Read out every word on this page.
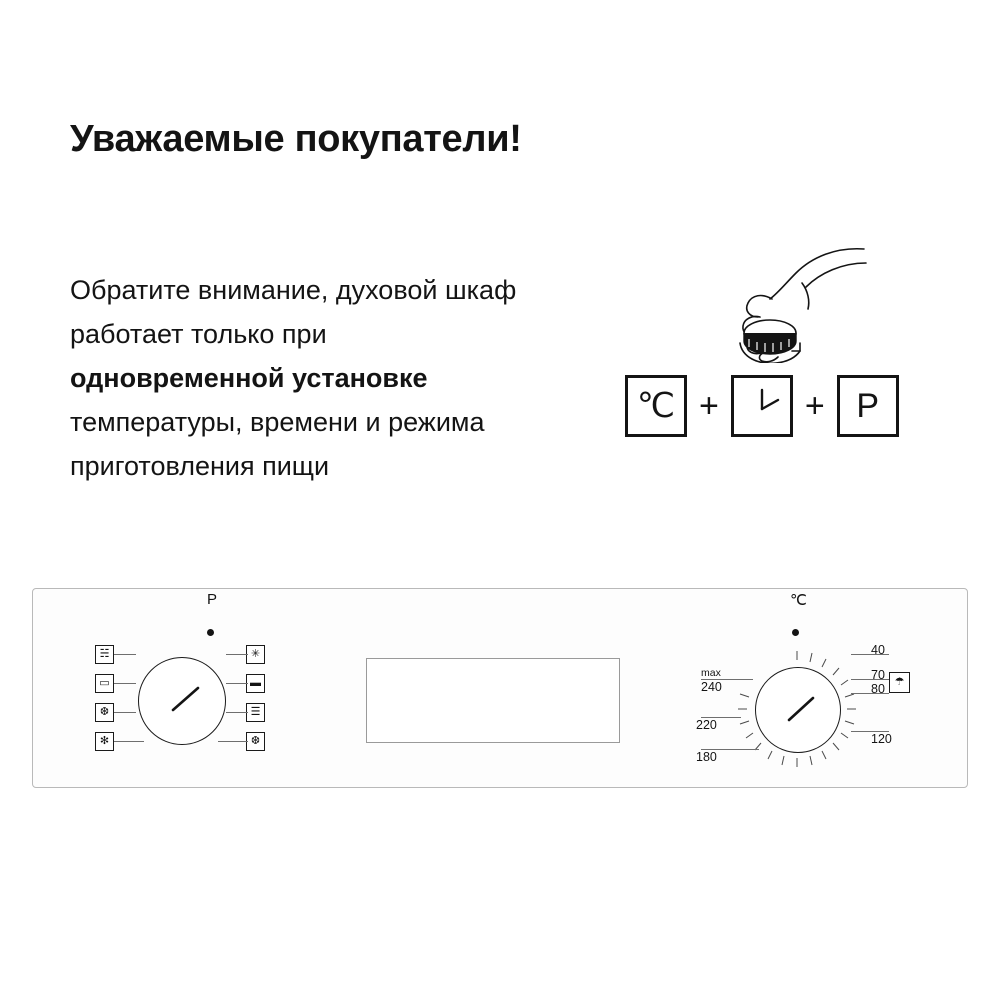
Уважаемые покупатели!
Обратите внимание, духовой шкаф работает только при одновременной установке температуры, времени и режима приготовления пищи
℃ +	+ P
P
☵
▭
❆
✻
✳
▬
☰
❆
℃
max
240
220
180
40
70
80
120
☂
